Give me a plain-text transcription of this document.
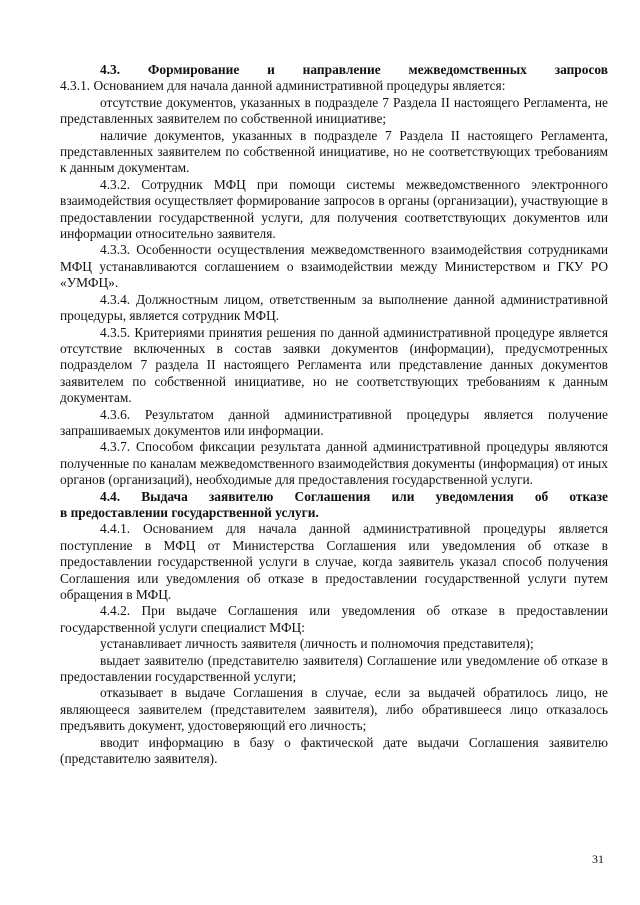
4.3. Формирование и направление межведомственных запросов

4.3.1. Основанием для начала данной административной процедуры является:

отсутствие документов, указанных в подразделе 7 Раздела II настоящего Регламента, не представленных заявителем по собственной инициативе;

наличие документов, указанных в подразделе 7 Раздела II настоящего Регламента, представленных заявителем по собственной инициативе, но не соответствующих требованиям к данным документам.

4.3.2. Сотрудник МФЦ при помощи системы межведомственного электронного взаимодействия осуществляет формирование запросов в органы (организации), участвующие в предоставлении государственной услуги, для получения соответствующих документов или информации относительно заявителя.

4.3.3. Особенности осуществления межведомственного взаимодействия сотрудниками МФЦ устанавливаются соглашением о взаимодействии между Министерством и ГКУ РО «УМФЦ».

4.3.4. Должностным лицом, ответственным за выполнение данной административной процедуры, является сотрудник МФЦ.

4.3.5. Критериями принятия решения по данной административной процедуре является отсутствие включенных в состав заявки документов (информации), предусмотренных подразделом 7 раздела II настоящего Регламента или представление данных документов заявителем по собственной инициативе, но не соответствующих требованиям к данным документам.

4.3.6. Результатом данной административной процедуры является получение запрашиваемых документов или информации.

4.3.7. Способом фиксации результата данной административной процедуры являются полученные по каналам межведомственного взаимодействия документы (информация) от иных органов (организаций), необходимые для предоставления государственной услуги.

4.4. Выдача заявителю Соглашения или уведомления об отказе
в предоставлении государственной услуги.

4.4.1. Основанием для начала данной административной процедуры является поступление в МФЦ от Министерства Соглашения или уведомления об отказе в предоставлении государственной услуги в случае, когда заявитель указал способ получения Соглашения или уведомления об отказе в предоставлении государственной услуги путем обращения в МФЦ.

4.4.2. При выдаче Соглашения или уведомления об отказе в предоставлении государственной услуги специалист МФЦ:

устанавливает личность заявителя (личность и полномочия представителя);

выдает заявителю (представителю заявителя) Соглашение или уведомление об отказе в предоставлении государственной услуги;

отказывает в выдаче Соглашения в случае, если за выдачей обратилось лицо, не являющееся заявителем (представителем заявителя), либо обратившееся лицо отказалось предъявить документ, удостоверяющий его личность;

вводит информацию в базу о фактической дате выдачи Соглашения заявителю (представителю заявителя).

31
